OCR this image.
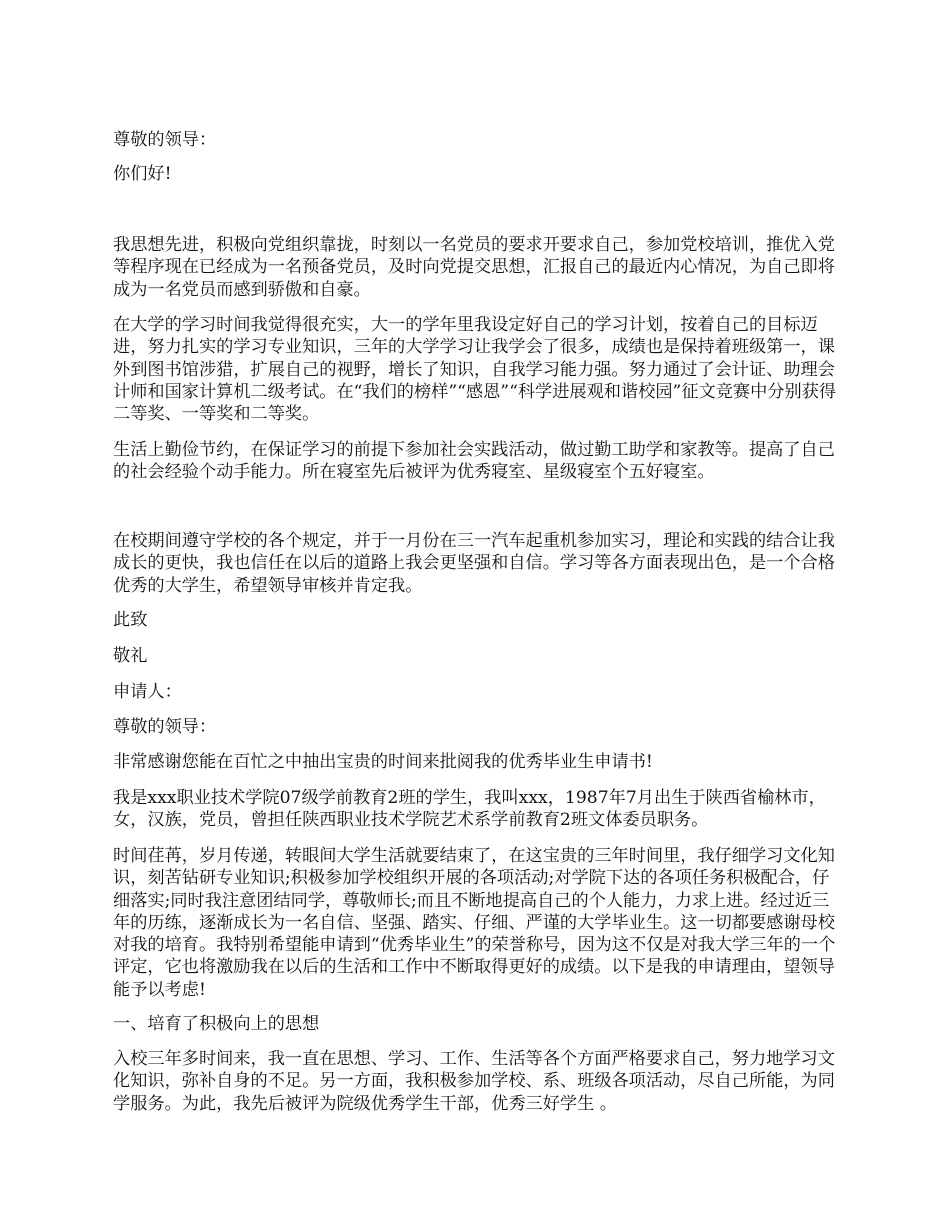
尊敬的领导：

你们好!

我思想先进，积极向党组织靠拢，时刻以一名党员的要求开要求自己，参加党校培训，推优入党等程序现在已经成为一名预备党员，及时向党提交思想，汇报自己的最近内心情况，为自己即将成为一名党员而感到骄傲和自豪。

在大学的学习时间我觉得很充实，大一的学年里我设定好自己的学习计划，按着自己的目标迈进，努力扎实的学习专业知识，三年的大学学习让我学会了很多，成绩也是保持着班级第一，课外到图书馆涉猎，扩展自己的视野，增长了知识，自我学习能力强。努力通过了会计证、助理会计师和国家计算机二级考试。在“我们的榜样”“感恩”“科学进展观和谐校园”征文竞赛中分别获得二等奖、一等奖和二等奖。

生活上勤俭节约，在保证学习的前提下参加社会实践活动，做过勤工助学和家教等。提高了自己的社会经验个动手能力。所在寝室先后被评为优秀寝室、星级寝室个五好寝室。

在校期间遵守学校的各个规定，并于一月份在三一汽车起重机参加实习，理论和实践的结合让我成长的更快，我也信任在以后的道路上我会更坚强和自信。学习等各方面表现出色，是一个合格优秀的大学生，希望领导审核并肯定我。

此致

敬礼

申请人：

尊敬的领导：

非常感谢您能在百忙之中抽出宝贵的时间来批阅我的优秀毕业生申请书!

我是xxx职业技术学院07级学前教育2班的学生，我叫xxx，1987年7月出生于陕西省榆林市，女，汉族，党员，曾担任陕西职业技术学院艺术系学前教育2班文体委员职务。

时间荏苒，岁月传递，转眼间大学生活就要结束了，在这宝贵的三年时间里，我仔细学习文化知识，刻苦钻研专业知识;积极参加学校组织开展的各项活动;对学院下达的各项任务积极配合，仔细落实;同时我注意团结同学，尊敬师长;而且不断地提高自己的个人能力，力求上进。经过近三年的历练，逐渐成长为一名自信、坚强、踏实、仔细、严谨的大学毕业生。这一切都要感谢母校对我的培育。我特别希望能申请到“优秀毕业生”的荣誉称号，因为这不仅是对我大学三年的一个评定，它也将激励我在以后的生活和工作中不断取得更好的成绩。以下是我的申请理由，望领导能予以考虑!

一、培育了积极向上的思想

入校三年多时间来，我一直在思想、学习、工作、生活等各个方面严格要求自己，努力地学习文化知识，弥补自身的不足。另一方面，我积极参加学校、系、班级各项活动，尽自己所能，为同学服务。为此，我先后被评为院级优秀学生干部，优秀三好学生 。
